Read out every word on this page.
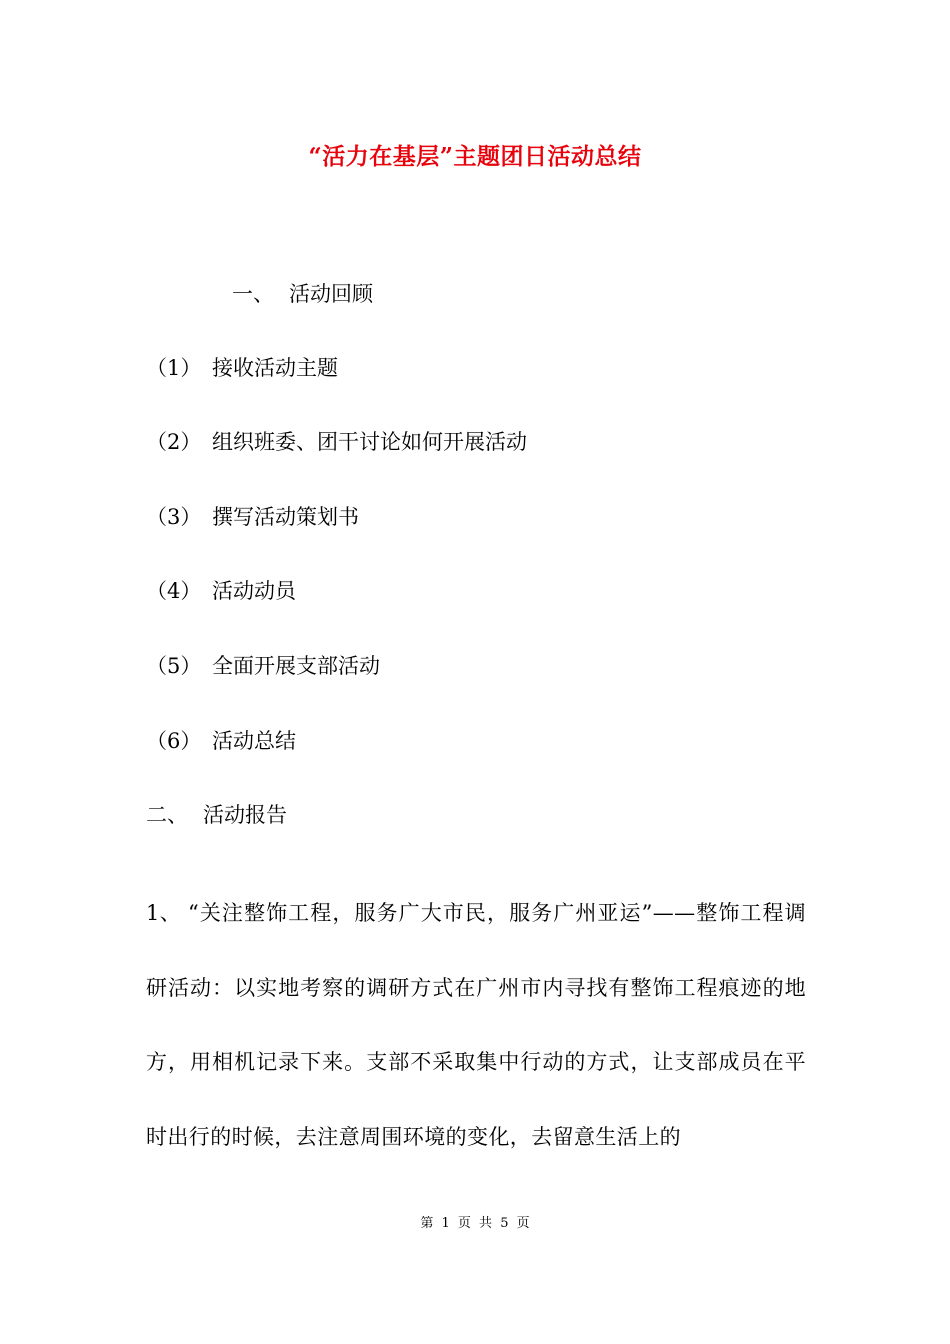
“活力在基层”主题团日活动总结
一、 活动回顾
（1） 接收活动主题
（2） 组织班委、团干讨论如何开展活动
（3） 撰写活动策划书
（4） 活动动员
（5） 全面开展支部活动
（6） 活动总结
二、 活动报告
1、 “关注整饰工程，服务广大市民，服务广州亚运”——整饰工程调研活动：以实地考察的调研方式在广州市内寻找有整饰工程痕迹的地方，用相机记录下来。支部不采取集中行动的方式，让支部成员在平时出行的时候，去注意周围环境的变化，去留意生活上的
第 1 页 共 5 页
